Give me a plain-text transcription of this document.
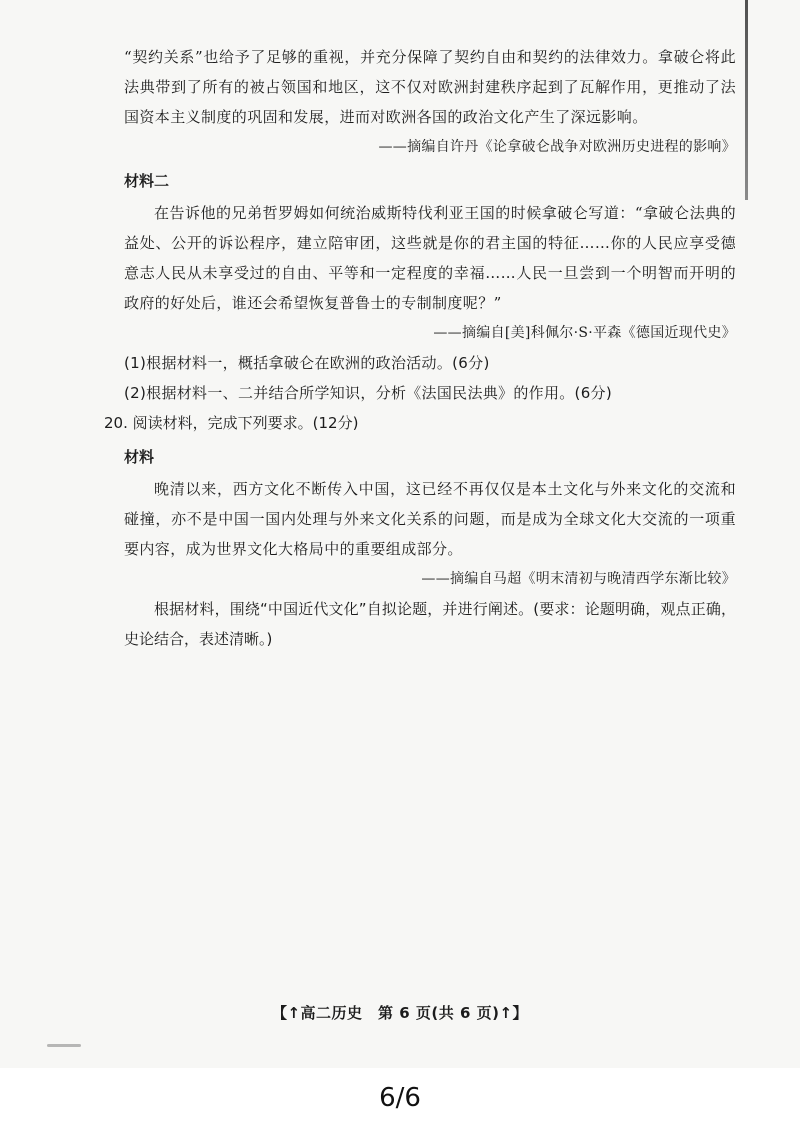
“契约关系”也给予了足够的重视，并充分保障了契约自由和契约的法律效力。拿破仑将此法典带到了所有的被占领国和地区，这不仅对欧洲封建秩序起到了瓦解作用，更推动了法国资本主义制度的巩固和发展，进而对欧洲各国的政治文化产生了深远影响。

——摘编自许丹《论拿破仑战争对欧洲历史进程的影响》

材料二

在告诉他的兄弟哲罗姆如何统治威斯特伐利亚王国的时候拿破仑写道：“拿破仑法典的益处、公开的诉讼程序，建立陪审团，这些就是你的君主国的特征……你的人民应享受德意志人民从未享受过的自由、平等和一定程度的幸福……人民一旦尝到一个明智而开明的政府的好处后，谁还会希望恢复普鲁士的专制制度呢？”

——摘编自[美]科佩尔·S·平森《德国近现代史》

(1)根据材料一，概括拿破仑在欧洲的政治活动。(6分)

(2)根据材料一、二并结合所学知识，分析《法国民法典》的作用。(6分)

20. 阅读材料，完成下列要求。(12分)

材料

晚清以来，西方文化不断传入中国，这已经不再仅仅是本土文化与外来文化的交流和碰撞，亦不是中国一国内处理与外来文化关系的问题，而是成为全球文化大交流的一项重要内容，成为世界文化大格局中的重要组成部分。

——摘编自马超《明末清初与晚清西学东渐比较》

根据材料，围绕“中国近代文化”自拟论题，并进行阐述。(要求：论题明确，观点正确，史论结合，表述清晰。)

【↑高二历史　第 6 页(共 6 页)↑】
6/6
